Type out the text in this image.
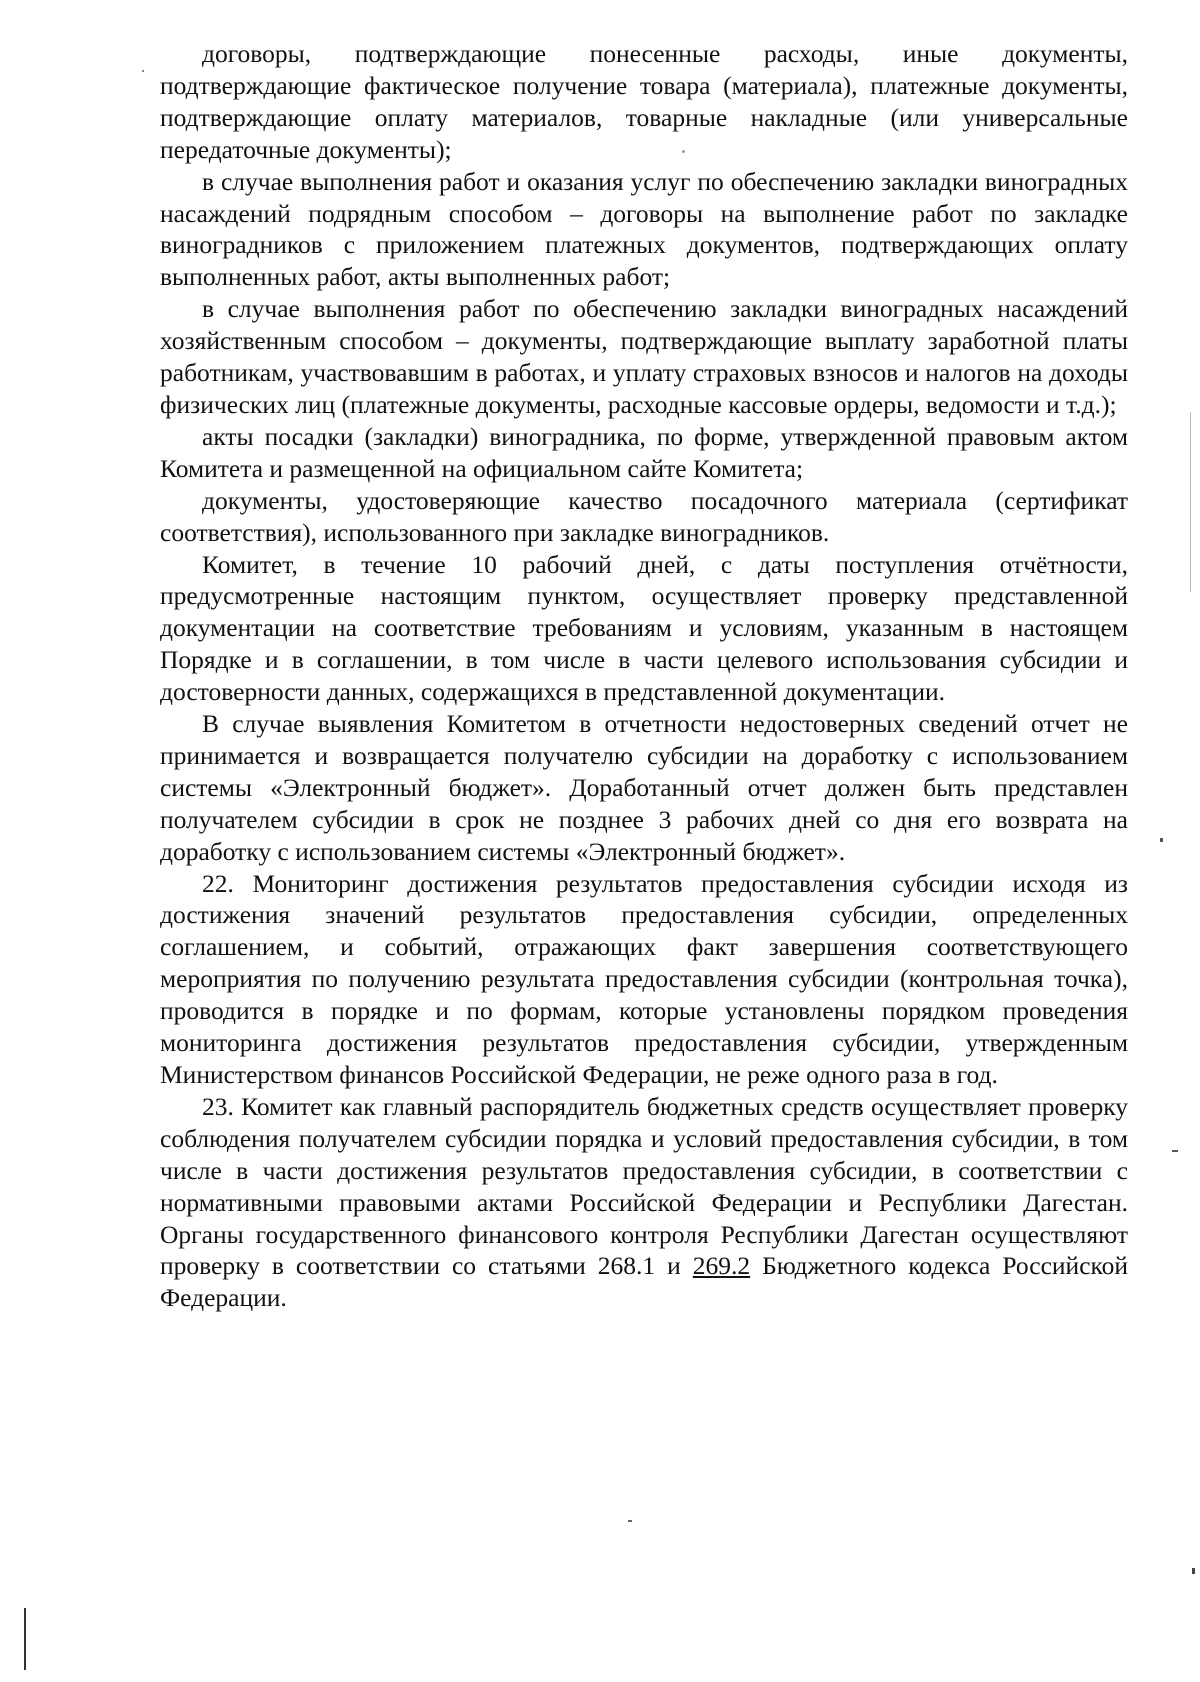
договоры, подтверждающие понесенные расходы, иные документы, подтверждающие фактическое получение товара (материала), платежные документы, подтверждающие оплату материалов, товарные накладные (или универсальные передаточные документы);

в случае выполнения работ и оказания услуг по обеспечению закладки виноградных насаждений подрядным способом – договоры на выполнение работ по закладке виноградников с приложением платежных документов, подтверждающих оплату выполненных работ, акты выполненных работ;

в случае выполнения работ по обеспечению закладки виноградных насаждений хозяйственным способом – документы, подтверждающие выплату заработной платы работникам, участвовавшим в работах, и уплату страховых взносов и налогов на доходы физических лиц (платежные документы, расходные кассовые ордеры, ведомости и т.д.);

акты посадки (закладки) виноградника, по форме, утвержденной правовым актом Комитета и размещенной на официальном сайте Комитета;

документы, удостоверяющие качество посадочного материала (сертификат соответствия), использованного при закладке виноградников.

Комитет, в течение 10 рабочий дней, с даты поступления отчётности, предусмотренные настоящим пунктом, осуществляет проверку представленной документации на соответствие требованиям и условиям, указанным в настоящем Порядке и в соглашении, в том числе в части целевого использования субсидии и достоверности данных, содержащихся в представленной документации.

В случае выявления Комитетом в отчетности недостоверных сведений отчет не принимается и возвращается получателю субсидии на доработку с использованием системы «Электронный бюджет». Доработанный отчет должен быть представлен получателем субсидии в срок не позднее 3 рабочих дней со дня его возврата на доработку с использованием системы «Электронный бюджет».

22. Мониторинг достижения результатов предоставления субсидии исходя из достижения значений результатов предоставления субсидии, определенных соглашением, и событий, отражающих факт завершения соответствующего мероприятия по получению результата предоставления субсидии (контрольная точка), проводится в порядке и по формам, которые установлены порядком проведения мониторинга достижения результатов предоставления субсидии, утвержденным Министерством финансов Российской Федерации, не реже одного раза в год.

23. Комитет как главный распорядитель бюджетных средств осуществляет проверку соблюдения получателем субсидии порядка и условий предоставления субсидии, в том числе в части достижения результатов предоставления субсидии, в соответствии с нормативными правовыми актами Российской Федерации и Республики Дагестан. Органы государственного финансового контроля Республики Дагестан осуществляют проверку в соответствии со статьями 268.1 и 269.2 Бюджетного кодекса Российской Федерации.
